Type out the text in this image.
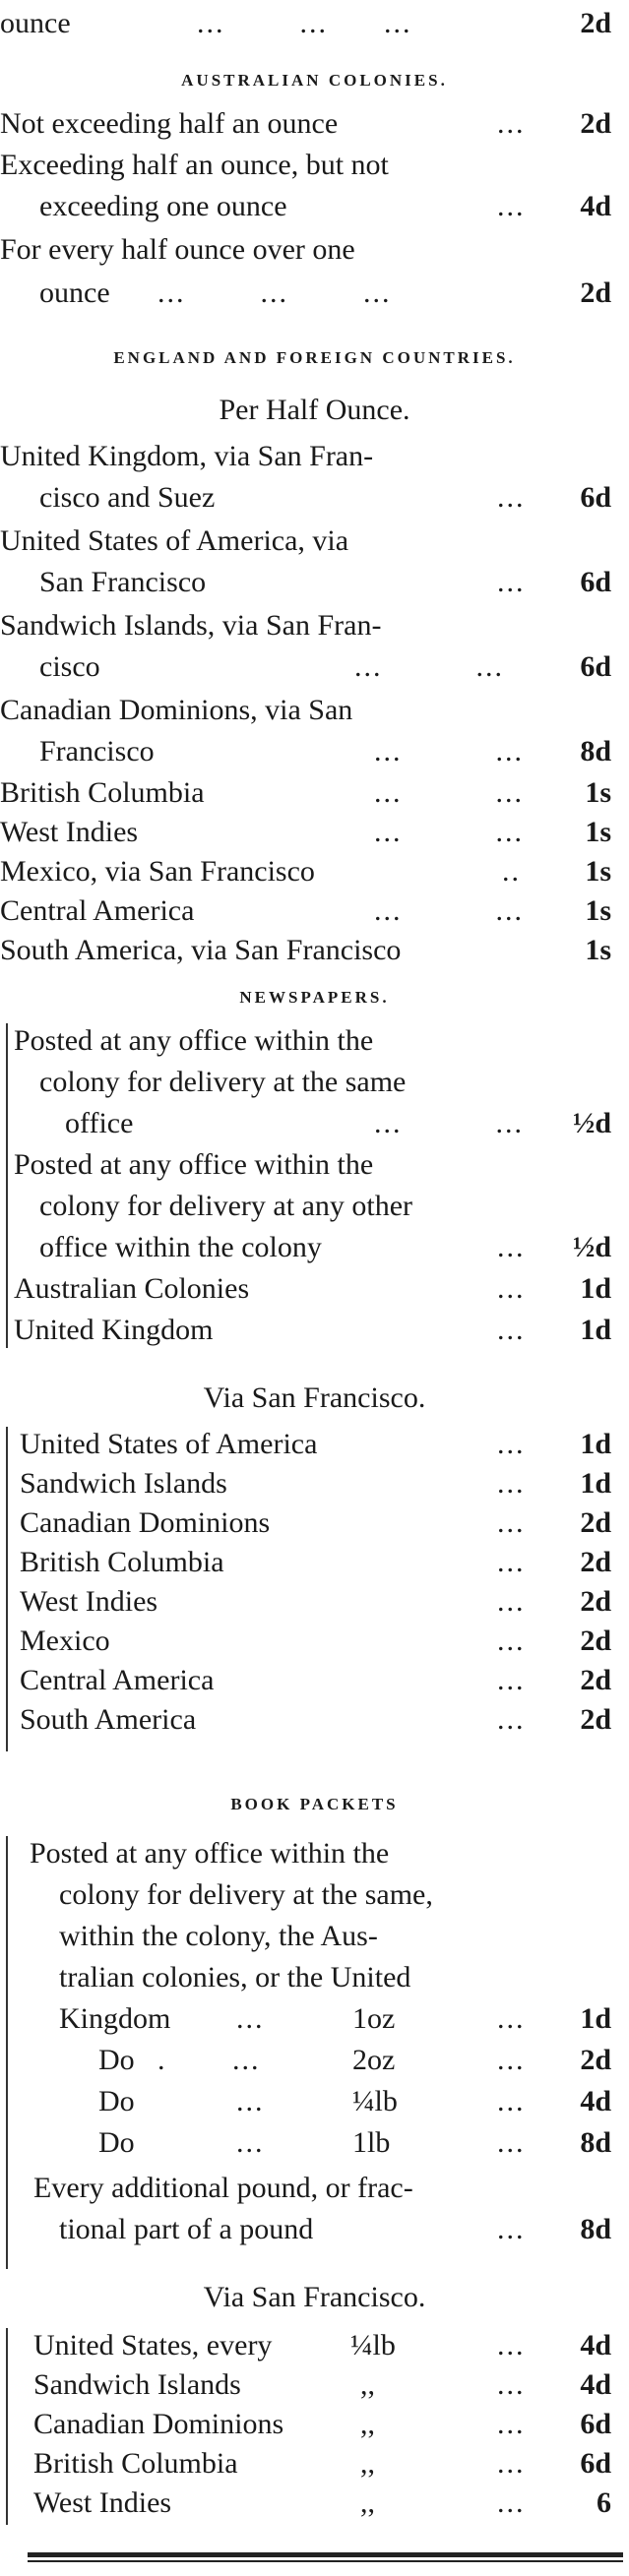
ounce	...        ...      ...	2d
AUSTRALIAN COLONIES.
Not exceeding half an ounce	... 2d
Exceeding half an ounce, but not
exceeding one ounce	... 4d
For every half ounce over one
ounce ...        ...        ...	2d
ENGLAND AND FOREIGN COUNTRIES.
Per Half Ounce.
United Kingdom, via San Fran-
cisco and Suez	... 6d
United States of America, via
San Francisco	... 6d
Sandwich Islands, via San Fran-
cisco	...          ...	6d
Canadian Dominions, via San
Francisco	...          ... 8d
British Columbia	...          ... 1s
West Indies	...          ... 1s
Mexico, via San Francisco	.. 1s
Central America	...          ... 1s
South America, via San Francisco	1s
NEWSPAPERS.
Posted at any office within the
colony for delivery at the same
office	...          ... ½d
Posted at any office within the
colony for delivery at any other
office within the colony	... ½d
Australian Colonies	... 1d
United Kingdom	... 1d
Via San Francisco.
United States of America	... 1d
Sandwich Islands	... 1d
Canadian Dominions	... 2d
British Columbia	... 2d
West Indies	... 2d
Mexico	... 2d
Central America	... 2d
South America	... 2d
BOOK PACKETS
Posted at any office within the
colony for delivery at the same,
within the colony, the Aus-
tralian colonies, or the United
Kingdom ...	1oz	... 1d
Do .       ...	2oz	... 2d
Do	...	¼lb	... 4d
Do	...	1lb	... 8d
Every additional pound, or frac-
tional part of a pound	... 8d
Via San Francisco.
United States, every	¼lb	... 4d
Sandwich Islands	,,	... 4d
Canadian Dominions	,,	... 6d
British Columbia	,,	... 6d
West Indies	,,	... 6
